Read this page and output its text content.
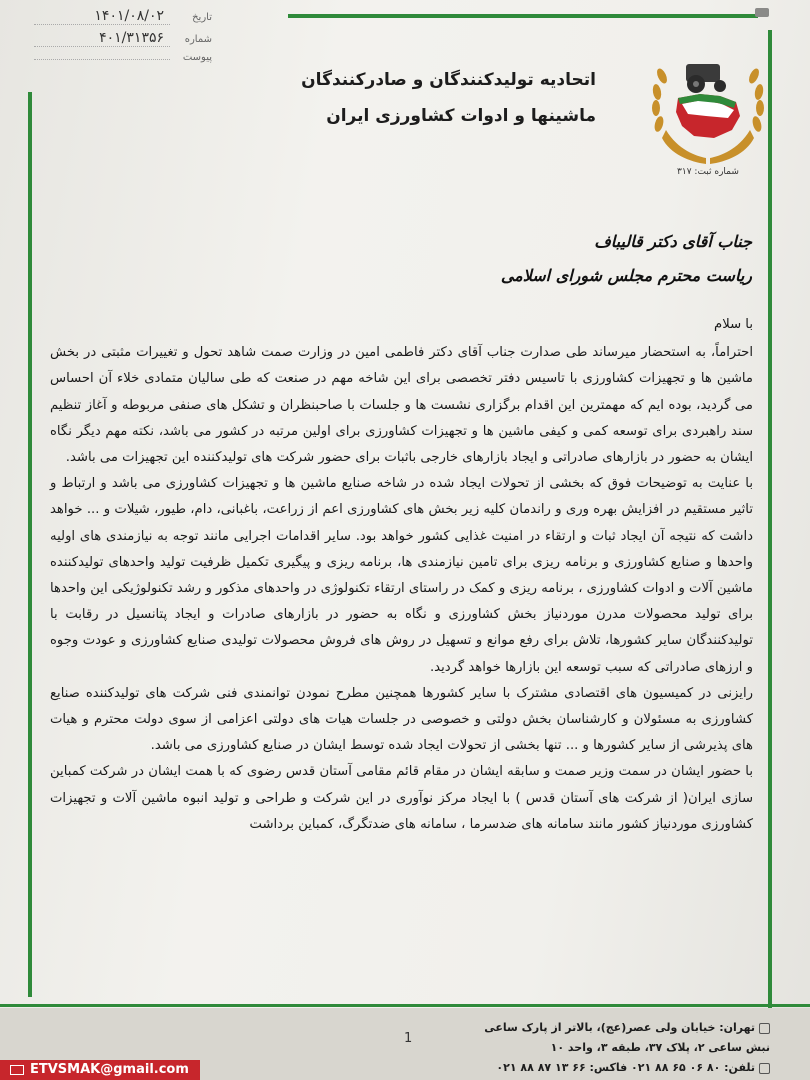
تاریخ
۱۴۰۱/۰۸/۰۲
شماره
۴۰۱/۳۱۳۵۶
پیوست
شماره ثبت: ۳۱۷
اتحادیه تولیدکنندگان و صادرکنندگان
ماشینها و ادوات کشاورزی ایران
جناب آقای دکتر قالیباف
ریاست محترم مجلس شورای اسلامی

با سلام

احتراماً، به استحضار میرساند طی صدارت جناب آقای دکتر فاطمی امین در وزارت صمت شاهد تحول و تغییرات مثبتی در بخش ماشین ها و تجهیزات کشاورزی با تاسیس دفتر تخصصی برای این شاخه مهم در صنعت که طی سالیان متمادی خلاء آن احساس می گردید، بوده ایم که مهمترین این اقدام برگزاری نشست ها و جلسات با صاحبنظران و تشکل های صنفی مربوطه و آغاز تنظیم سند راهبردی برای توسعه کمی و کیفی ماشین ها و تجهیزات کشاورزی برای اولین مرتبه در کشور می باشد، نکته مهم دیگر نگاه ایشان به حضور در بازارهای صادراتی و ایجاد بازارهای خارجی باثبات برای حضور شرکت های تولیدکننده این تجهیزات می باشد.

با عنایت به توضیحات فوق که بخشی از تحولات ایجاد شده در شاخه صنایع ماشین ها و تجهیزات کشاورزی می باشد و ارتباط و تاثیر مستقیم در افزایش بهره وری و راندمان کلیه زیر بخش های کشاورزی اعم از زراعت، باغبانی، دام، طیور، شیلات و ... خواهد داشت که نتیجه آن ایجاد ثبات و ارتقاء در امنیت غذایی کشور خواهد بود. سایر اقدامات اجرایی مانند توجه به نیازمندی های اولیه واحدها و صنایع کشاورزی و برنامه ریزی برای تامین نیازمندی ها، برنامه ریزی و پیگیری تکمیل ظرفیت تولید واحدهای تولیدکننده ماشین آلات و ادوات کشاورزی ، برنامه ریزی و کمک در راستای ارتقاء تکنولوژی در واحدهای مذکور و رشد تکنولوژیکی این واحدها برای تولید محصولات مدرن موردنیاز بخش کشاورزی و نگاه به حضور در بازارهای صادرات و ایجاد پتانسیل در رقابت با تولیدکنندگان سایر کشورها، تلاش برای رفع موانع و تسهیل در روش های فروش محصولات تولیدی صنایع کشاورزی و عودت وجوه و ارزهای صادراتی که سبب توسعه این بازارها خواهد گردید.

رایزنی در کمیسیون های اقتصادی مشترک با سایر کشورها همچنین مطرح نمودن توانمندی فنی شرکت های تولیدکننده صنایع کشاورزی به مسئولان و کارشناسان بخش دولتی و خصوصی در جلسات هیات های دولتی اعزامی از سوی دولت محترم و هیات های پذیرشی از سایر کشورها و ... تنها بخشی از تحولات ایجاد شده توسط ایشان در صنایع کشاورزی می باشد.

با حضور ایشان در سمت وزیر صمت و سابقه ایشان در مقام قائم مقامی آستان قدس رضوی که با همت ایشان در شرکت کمباین سازی ایران( از شرکت های آستان قدس ) با ایجاد مرکز نوآوری در این شرکت و طراحی و تولید انبوه ماشین آلات و تجهیزات کشاورزی موردنیاز کشور مانند سامانه های ضدسرما ، سامانه های ضدتگرگ، کمباین برداشت

1
تهران: خیابان ولی عصر(عج)، بالاتر از پارک ساعی
نبش ساعی ۲، پلاک ۳۷، طبقه ۳، واحد ۱۰
تلفن: ۸۰ ۰۶ ۶۵ ۸۸ ۰۲۱ فاکس: ۶۶ ۱۳ ۸۷ ۸۸ ۰۲۱
ETVSMAK@gmail.com
